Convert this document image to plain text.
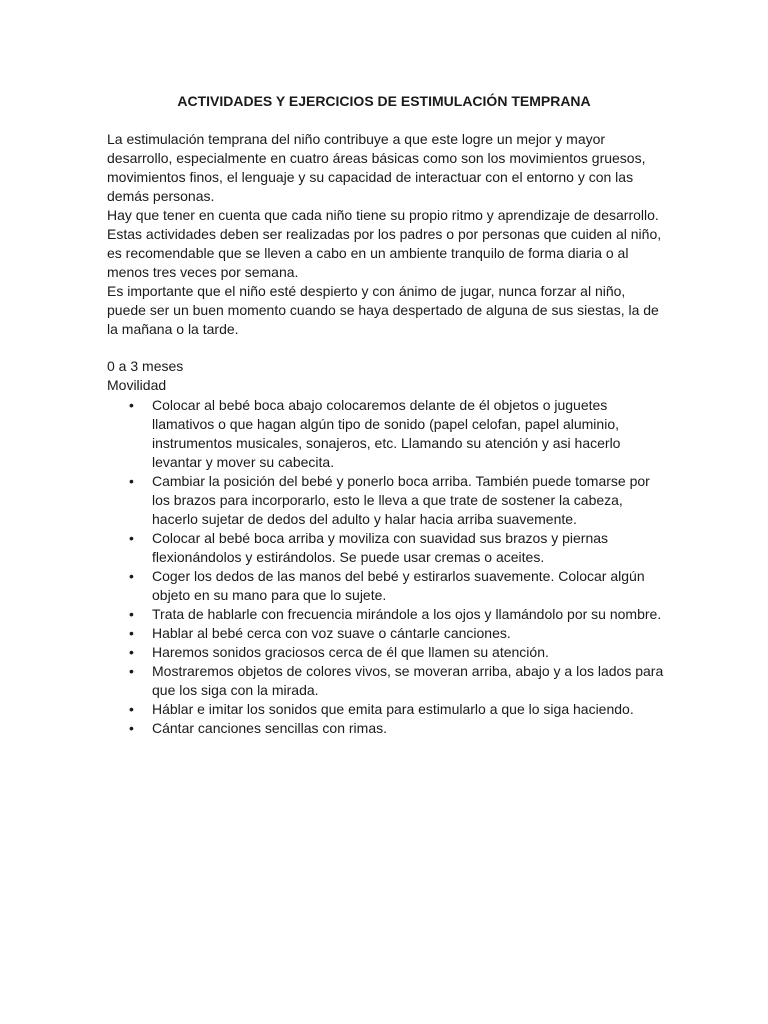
ACTIVIDADES Y EJERCICIOS DE ESTIMULACIÓN TEMPRANA

La estimulación temprana del niño contribuye a que este logre un mejor y mayor desarrollo, especialmente en cuatro áreas básicas como son los movimientos gruesos, movimientos finos, el lenguaje y su capacidad de interactuar con el entorno y con las demás personas.

Hay que tener en cuenta que cada niño tiene su propio ritmo y aprendizaje de desarrollo. Estas actividades deben ser realizadas por los padres o por personas que cuiden al niño, es recomendable que se lleven a cabo en un ambiente tranquilo de forma diaria o al menos tres veces por semana.

Es importante que el niño esté despierto y con ánimo de jugar, nunca forzar al niño, puede ser un buen momento cuando se haya despertado de alguna de sus siestas, la de la mañana o la tarde.

0 a 3 meses

Movilidad

• Colocar al bebé boca abajo colocaremos delante de él objetos o juguetes llamativos o que hagan algún tipo de sonido (papel celofan, papel aluminio, instrumentos musicales, sonajeros, etc. Llamando su atención y asi hacerlo levantar y mover su cabecita.
• Cambiar la posición del bebé y ponerlo boca arriba. También puede tomarse por los brazos para incorporarlo, esto le lleva a que trate de sostener la cabeza, hacerlo sujetar de dedos del adulto y halar hacia arriba suavemente.
• Colocar al bebé boca arriba y moviliza con suavidad sus brazos y piernas flexionándolos y estirándolos. Se puede usar cremas o aceites.
• Coger los dedos de las manos del bebé y estirarlos suavemente. Colocar algún objeto en su mano para que lo sujete.
• Trata de hablarle con frecuencia mirándole a los ojos y llamándolo por su nombre.
• Hablar al bebé cerca con voz suave o cántarle canciones.
• Haremos sonidos graciosos cerca de él que llamen su atención.
• Mostraremos objetos de colores vivos, se moveran arriba, abajo y a los lados para que los siga con la mirada.
• Háblar e imitar los sonidos que emita para estimularlo a que lo siga haciendo.
• Cántar canciones sencillas con rimas.
